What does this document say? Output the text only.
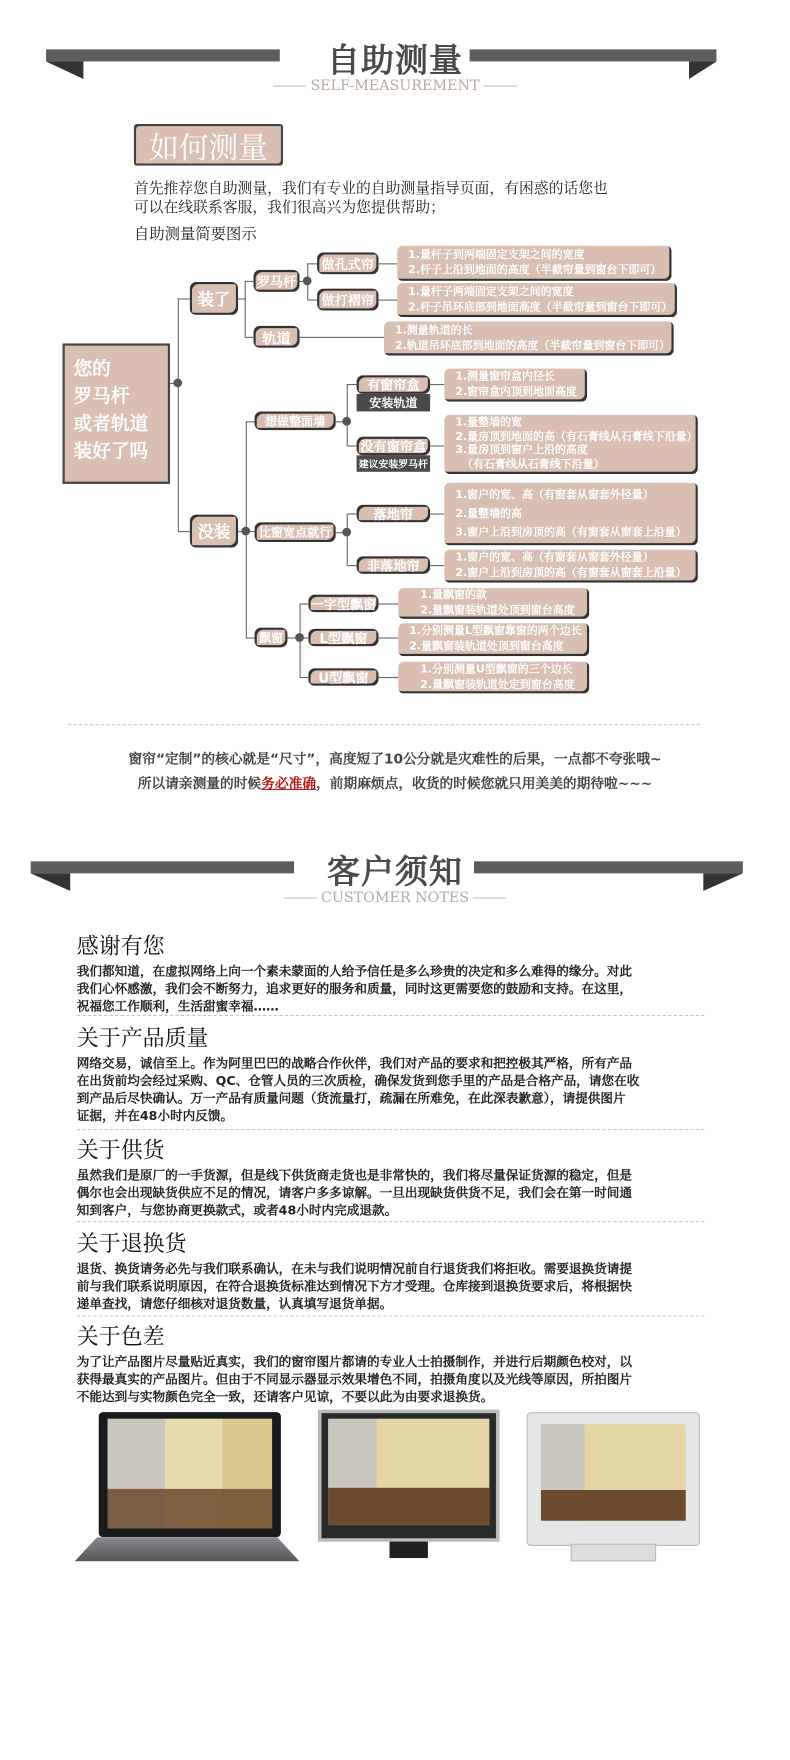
自助测量
SELF-MEASUREMENT
如何测量
首先推荐您自助测量，我们有专业的自助测量指导页面，有困惑的话您也
可以在线联系客服，我们很高兴为您提供帮助；
自助测量简要图示
您的
罗马杆
或者轨道
装好了吗
装了
没装
罗马杆
轨道
做孔式帘
做打褶帘
1.量杆子到两端固定支架之间的宽度
2.杆子上沿到地面的高度（半截帘量到窗台下即可）
1.量杆子两端固定支架之间的宽度
2.杆子吊环底部到地面高度（半截帘量到窗台下即可）
1.测量轨道的长
2.轨道吊环底部到地面的高度（半截帘量到窗台下即可）
想做整面墙
比窗宽点就行
飘窗
有窗帘盒
安装轨道
没有窗帘盒
建议安装罗马杆
1.测量窗帘盒内径长
2.窗帘盒内顶到地面高度
1.量整墙的宽
2.量房顶到地面的高（有石膏线从石膏线下沿量）
3.量房顶到窗户上沿的高度
（有石膏线从石膏线下沿量）
落地帘
非落地帘
1.窗户的宽、高（有窗套从窗套外径量）
2.量整墙的高
3.窗户上沿到房顶的高（有窗套从窗套上沿量）
1.窗户的宽、高（有窗套从窗套外径量）
2.窗户上沿到房顶的高（有窗套从窗套上沿量）
一字型飘窗
L型飘窗
U型飘窗
1.量飘窗的款
2.量飘窗装轨道处顶到窗台高度
1.分别测量L型飘窗靠窗的两个边长
2.量飘窗装轨道处顶到窗台高度
1.分别测量U型飘窗的三个边长
2.量飘窗装轨道处定到窗台高度
窗帘“定制”的核心就是“尺寸”，高度短了10公分就是灾难性的后果，一点都不夸张哦~
所以请亲测量的时候务必准确，前期麻烦点，收货的时候您就只用美美的期待啦~~~
客户须知
CUSTOMER NOTES
感谢有您

我们都知道，在虚拟网络上向一个素未蒙面的人给予信任是多么珍贵的决定和多么难得的缘分。对此
我们心怀感激，我们会不断努力，追求更好的服务和质量，同时这更需要您的鼓励和支持。在这里，
祝福您工作顺利，生活甜蜜幸福……

关于产品质量

网络交易，诚信至上。作为阿里巴巴的战略合作伙伴，我们对产品的要求和把控极其严格，所有产品
在出货前均会经过采购、QC、仓管人员的三次质检，确保发货到您手里的产品是合格产品，请您在收
到产品后尽快确认。万一产品有质量问题（货流量打，疏漏在所难免，在此深表歉意），请提供图片
证据，并在48小时内反馈。

关于供货

虽然我们是原厂的一手货源，但是线下供货商走货也是非常快的，我们将尽量保证货源的稳定，但是
偶尔也会出现缺货供应不足的情况，请客户多多谅解。一旦出现缺货供货不足，我们会在第一时间通
知到客户，与您协商更换款式，或者48小时内完成退款。

关于退换货

退货、换货请务必先与我们联系确认，在未与我们说明情况前自行退货我们将拒收。需要退换货请提
前与我们联系说明原因，在符合退换货标准达到情况下方才受理。仓库接到退换货要求后，将根据快
递单查找，请您仔细核对退货数量，认真填写退货单据。

关于色差

为了让产品图片尽量贴近真实，我们的窗帘图片都请的专业人士拍摄制作，并进行后期颜色校对，以
获得最真实的产品图片。但由于不同显示器显示效果增色不同，拍摄角度以及光线等原因，所拍图片
不能达到与实物颜色完全一致，还请客户见谅，不要以此为由要求退换货。
